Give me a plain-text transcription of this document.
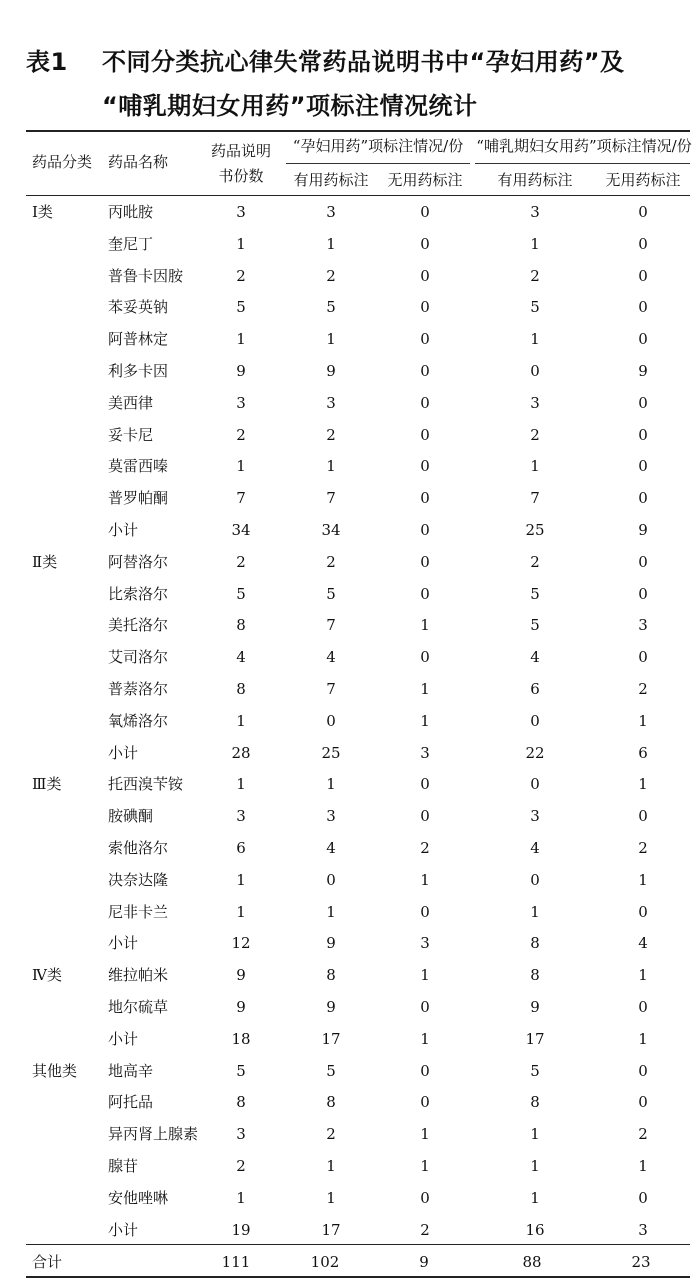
表1 不同分类抗心律失常药品说明书中“孕妇用药”及
“哺乳期妇女用药”项标注情况统计
药品分类 药品名称
药品说明
书份数
“孕妇用药”项标注情况/份 “哺乳期妇女用药”项标注情况/份
有用药标注 无用药标注 有用药标注 无用药标注
Ⅰ类	丙吡胺	3	3	0	3	0
奎尼丁	1	1	0	1	0
普鲁卡因胺	2	2	0	2	0
苯妥英钠	5	5	0	5	0
阿普林定	1	1	0	1	0
利多卡因	9	9	0	0	9
美西律	3	3	0	3	0
妥卡尼	2	2	0	2	0
莫雷西嗪	1	1	0	1	0
普罗帕酮	7	7	0	7	0
小计	34	34	0	25	9
Ⅱ类	阿替洛尔	2	2	0	2	0
比索洛尔	5	5	0	5	0
美托洛尔	8	7	1	5	3
艾司洛尔	4	4	0	4	0
普萘洛尔	8	7	1	6	2
氧烯洛尔	1	0	1	0	1
小计	28	25	3	22	6
Ⅲ类	托西溴苄铵	1	1	0	0	1
胺碘酮	3	3	0	3	0
索他洛尔	6	4	2	4	2
决奈达隆	1	0	1	0	1
尼非卡兰	1	1	0	1	0
小计	12	9	3	8	4
Ⅳ类	维拉帕米	9	8	1	8	1
地尔硫草	9	9	0	9	0
小计	18	17	1	17	1
其他类 地高辛	5	5	0	5	0
阿托品	8	8	0	8	0
异丙肾上腺素	3	2	1	1	2
腺苷	2	1	1	1	1
安他唑啉	1	1	0	1	0
小计	19	17	2	16	3
合计	111	102	9	88	23
